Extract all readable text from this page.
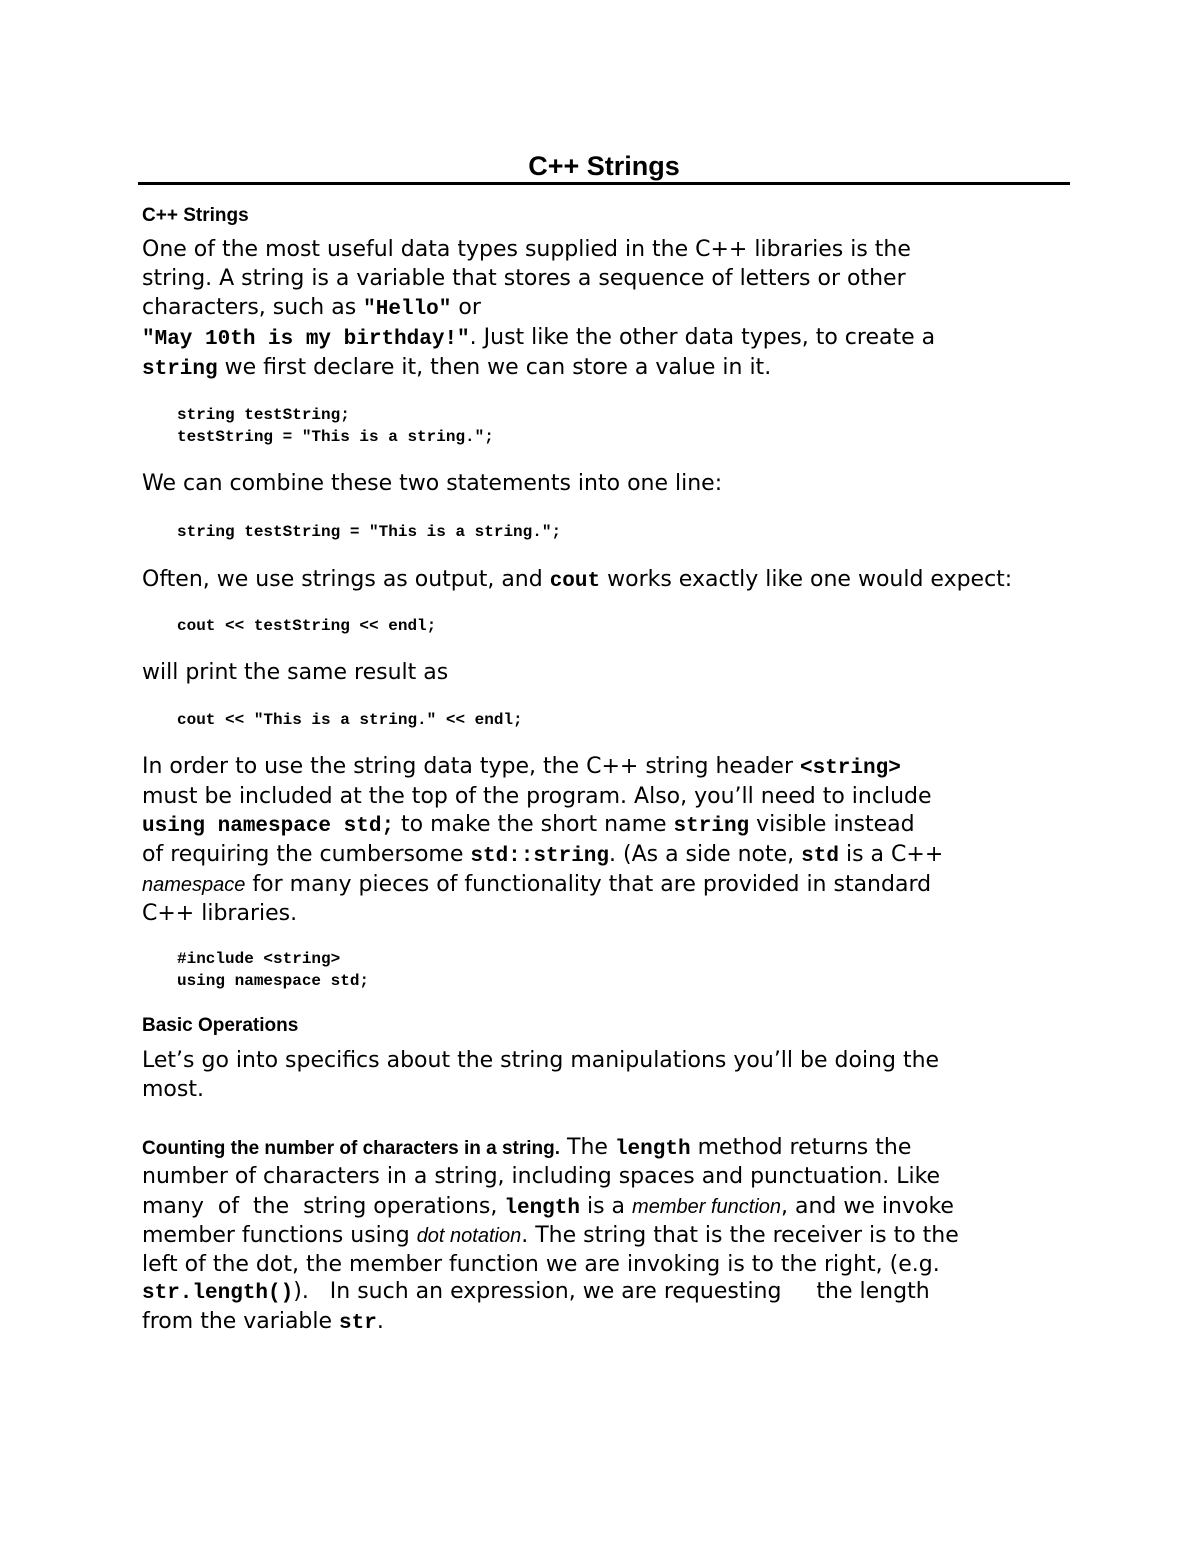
C++ Strings
C++ Strings
One of the most useful data types supplied in the C++ libraries is the
string. A string is a variable that stores a sequence of letters or other
characters, such as "Hello" or
"May 10th is my birthday!". Just like the other data types, to create a
string we first declare it, then we can store a value in it.
string testString;
testString = "This is a string.";
We can combine these two statements into one line:
string testString = "This is a string.";
Often, we use strings as output, and cout works exactly like one would expect:
cout << testString << endl;
will print the same result as
cout << "This is a string." << endl;
In order to use the string data type, the C++ string header <string>
must be included at the top of the program. Also, you’ll need to include
using namespace std; to make the short name string visible instead
of requiring the cumbersome std::string. (As a side note, std is a C++
namespace for many pieces of functionality that are provided in standard
C++ libraries.
#include <string>
using namespace std;
Basic Operations
Let’s go into specifics about the string manipulations you’ll be doing the
most.
Counting the number of characters in a string. The length method returns the
number of characters in a string, including spaces and punctuation. Like
many  of  the  string operations, length is a member function, and we invoke
member functions using dot notation. The string that is the receiver is to the
left of the dot, the member function we are invoking is to the right, (e.g.
str.length()).   In such an expression, we are requesting     the length
from the variable str.
